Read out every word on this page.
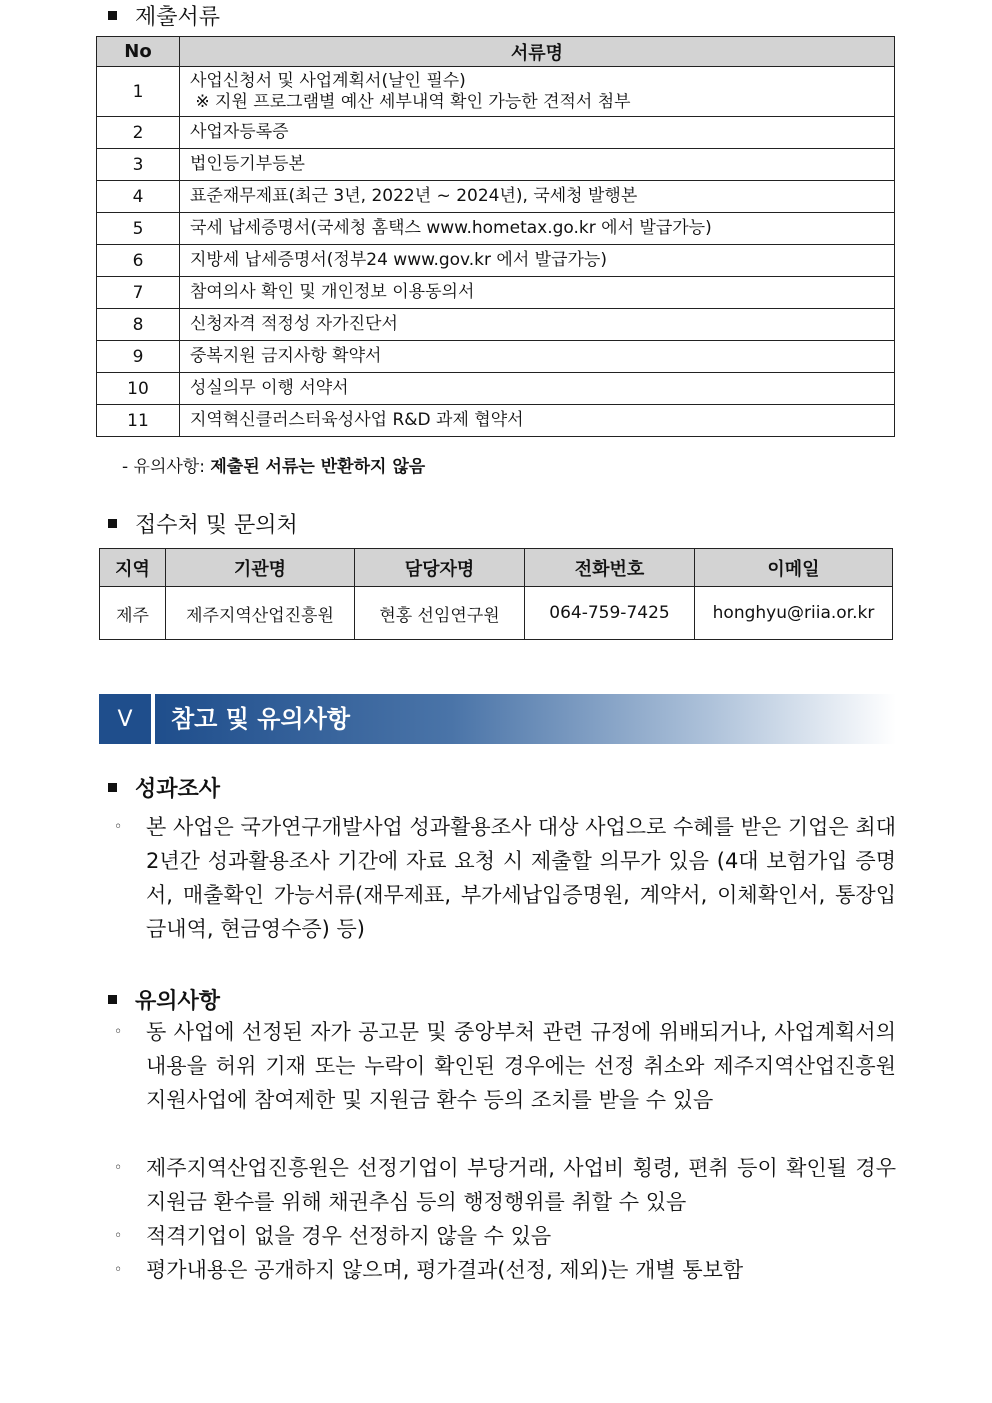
제출서류
No	서류명
1	사업신청서 및 사업계획서(날인 필수)
※ 지원 프로그램별 예산 세부내역 확인 가능한 견적서 첨부

2	사업자등록증
3	법인등기부등본
4	표준재무제표(최근 3년, 2022년 ~ 2024년), 국세청 발행본
5	국세 납세증명서(국세청 홈택스 www.hometax.go.kr 에서 발급가능)
6	지방세 납세증명서(정부24 www.gov.kr 에서 발급가능)
7	참여의사 확인 및 개인정보 이용동의서
8	신청자격 적정성 자가진단서
9	중복지원 금지사항 확약서
10	성실의무 이행 서약서
11	지역혁신클러스터육성사업 R&D 과제 협약서
- 유의사항: 제출된 서류는 반환하지 않음
접수처 및 문의처
지역	기관명	담당자명	전화번호	이메일
제주	제주지역산업진흥원	현홍 선임연구원	064-759-7425	honghyu@riia.or.kr
V	참고 및 유의사항
성과조사
◦	본 사업은 국가연구개발사업 성과활용조사 대상 사업으로 수혜를 받은 기업은 최대 2년간 성과활용조사 기간에 자료 요청 시 제출할 의무가 있음 (4대 보험가입 증명서, 매출확인 가능서류(재무제표, 부가세납입증명원, 계약서, 이체확인서, 통장입금내역, 현금영수증) 등)
유의사항
◦	동 사업에 선정된 자가 공고문 및 중앙부처 관련 규정에 위배되거나, 사업계획서의 내용을 허위 기재 또는 누락이 확인된 경우에는 선정 취소와 제주지역산업진흥원 지원사업에 참여제한 및 지원금 환수 등의 조치를 받을 수 있음
◦	제주지역산업진흥원은 선정기업이 부당거래, 사업비 횡령, 편취 등이 확인될 경우 지원금 환수를 위해 채권추심 등의 행정행위를 취할 수 있음
◦	적격기업이 없을 경우 선정하지 않을 수 있음
◦	평가내용은 공개하지 않으며, 평가결과(선정, 제외)는 개별 통보함
